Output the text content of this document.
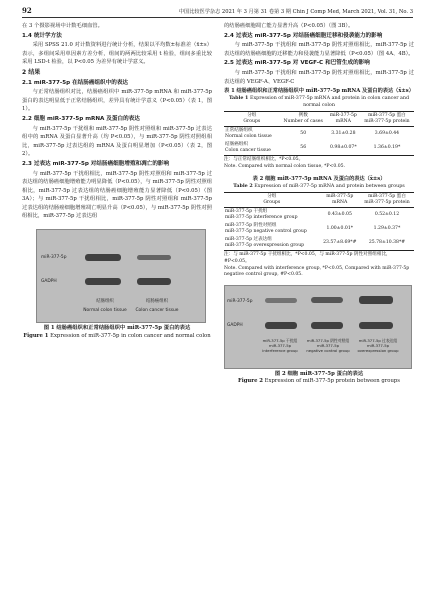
92	中国比较医学杂志 2021 年 3 月第 31 卷第 3 期 Chin J Comp Med, March 2021, Vol. 31, No. 3

在 3 个摄影视场中计数毛细血管。

1.4 统计学方法

采用 SPSS 21.0 对计数资料进行统计分析，结果以平均数±标准差（x̄±s）表示，多组间采用单因素方差分析，组间的两两比较采用 t 检验，组间多重比较采用 LSD-t 检验，以 P<0.05 为差异有统计学意义。

2 结果
2.1 miR-377-5p 在结肠癌组织中的表达

与正常结肠组织对比，结肠癌组织中 miR-377-5p mRNA 和 miR-377-5p 蛋白的表达明显低于正常结肠组织，差异具有统计学意义（P<0.05）（表 1，图 1）。

2.2 细胞 miR-377-5p mRNA 及蛋白的表达

与 miR-377-5p 干扰组和 miR-377-5p 阴性对照组和 miR-377-5p 过表达组中的 mRNA 及蛋白显著升高（均 P<0.05），与 miR-377-5p 阴性对照组相比，miR-377-5p 过表达组的 mRNA 及蛋白明显增加（P<0.05）（表 2，图 2）。

2.3 过表达 miR-377-5p 对结肠癌细胞增殖和凋亡的影响

与 miR-377-5p 干扰组相比，miR-377-5p 阴性对照组和 miR-377-5p 过表达组的结肠癌细胞增殖能力明显降低（P<0.05），与 miR-377-5p 阴性对照组相比，miR-377-5p 过表达组的结肠癌细胞增殖能力显著降低（P<0.05）（图 3A）；与 miR-377-5p 干扰组相比，miR-377-5p 阴性对照组和 miR-377-5p 过表达组的结肠癌细胞增殖凋亡明显升高（P<0.05），与 miR-377-5p 阴性对照组相比，miR-377-5p 过表达组

miR-377-5p
GADPH
结肠组织
Normal colon tissue
结肠癌组织
Colon cancer tissue
图 1 结肠癌组织和正常结肠组织中 miR-377-5p 蛋白的表达
Figure 1 Expression of miR-377-5p in colon cancer and normal colon

的结肠癌细胞凋亡能力显著升高（P<0.05）（图 3B）。

2.4 过表达 miR-377-5p 对结肠癌细胞迁移和侵袭能力的影响

与 miR-377-5p 干扰组和 miR-377-5p 阴性对照组相比，miR-377-5p 过表达组的结肠癌细胞的迁移能力和侵袭能力显著降低（P<0.05）（图 4A、4B）。

2.5 过表达 miR-377-5p 对 VEGF-C 和巴管生成的影响

与 miR-377-5p 干扰组和 miR-377-5p 阴性对照组相比，miR-377-5p 过表达组的 VEGF-A、VEGF-C

表 1 结肠癌组织和正常结肠组织中 miR-377-5p mRNA 及蛋白的表达（x̄±s）
Table 1 Expression of miR-377-5p mRNA and protein in colon cancer and normal colon
分组
Groups	例数
Number of cases	miR-377-5p
mRNA	miR-377-5p 蛋白
miR-377-5p protein
正常结肠组织
Normal colon tissue	50	3.31±0.28	3.69±0.44
结肠癌组织
Colon cancer tissue	56	0.98±0.07*	1.36±0.19*
注：与正常结肠组织相比，*P<0.05。
Note. Compared with normal colon tissue, *P<0.05.
表 2 细胞 miR-377-5p mRNA 及蛋白的表达（x̄±s）
Table 2 Expression of miR-377-5p mRNA and protein between groups
分组
Groups	miR-377-5p
mRNA	miR-377-5p 蛋白
miR-377-5p protein
miR-377-5p 干扰组
miR-377-5p interference group	0.43±0.05	0.52±0.12
miR-377-5p 阴性对照组
miR-377-5p negative control group	1.00±0.01*	1.29±0.37*
miR-377-5p 过表达组
miR-377-5p overexpression group	23.57±8.69*#	25.78±10.38*#
注：与 miR-377-5p 干扰组相比，*P<0.05，与 miR-377-5p 阴性对照组相比，#P<0.05。
Note. Compared with interference group, *P<0.05, Compared with miR-377-5p negative control group, #P<0.05.
miR-377-5p
GADPH
miR-377-5p 干扰组
miR-377-5p
interference group
miR-377-5p 阴性对照组
miR-377-5p
negative control group
miR-377-5p 过表达组
miR-377-5p
overexpression group
图 2 细胞 miR-377-5p 蛋白的表达
Figure 2 Expression of miR-377-5p protein between groups
